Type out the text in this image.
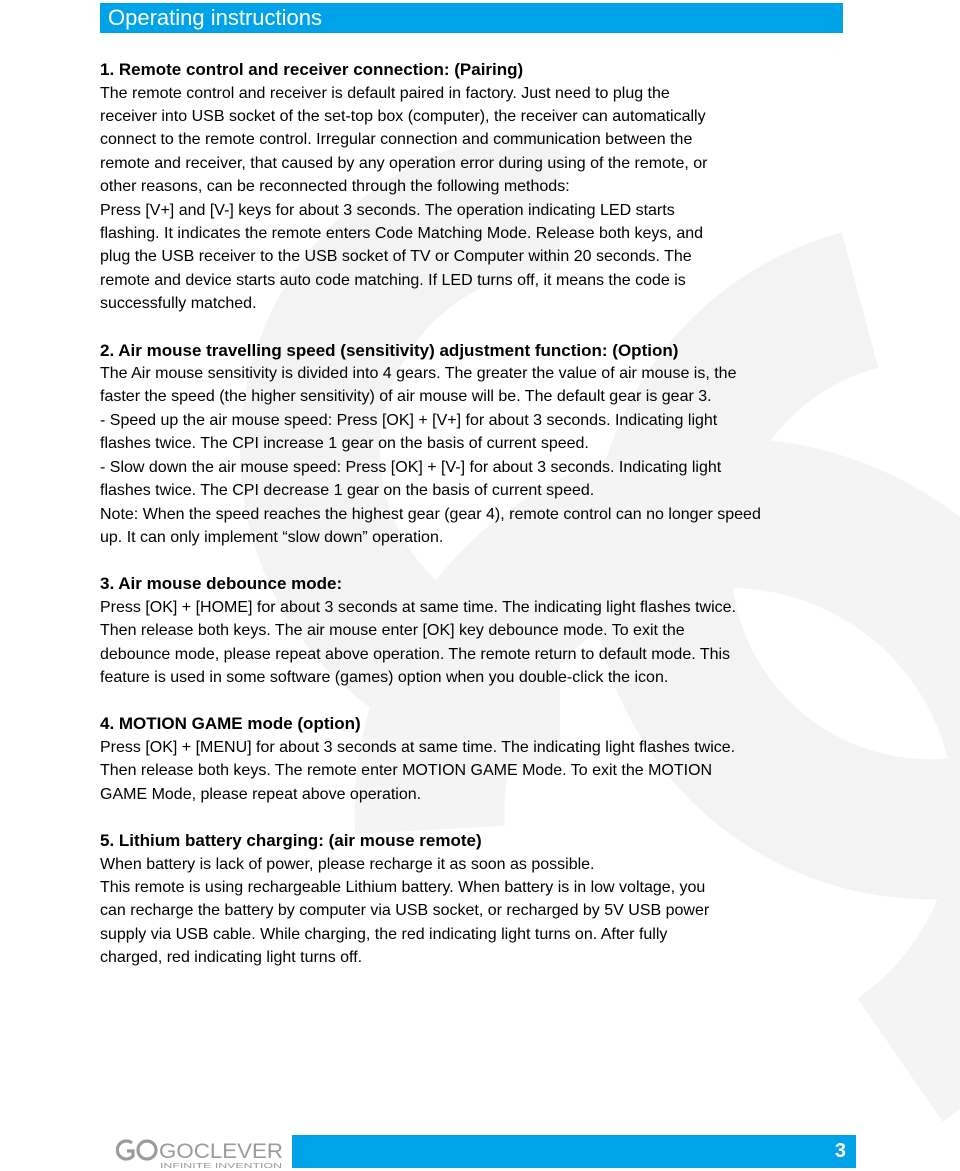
Operating instructions
1. Remote control and receiver connection: (Pairing)
The remote control and receiver is default paired in factory. Just need to plug the
receiver into USB socket of the set-top box (computer), the receiver can automatically
connect to the remote control. Irregular connection and communication between the
remote and receiver, that caused by any operation error during using of the remote, or
other reasons, can be reconnected through the following methods:
Press [V+] and [V-] keys for about 3 seconds. The operation indicating LED starts
flashing. It indicates the remote enters Code Matching Mode. Release both keys, and
plug the USB receiver to the USB socket of TV or Computer within 20 seconds. The
remote and device starts auto code matching. If LED turns off, it means the code is
successfully matched.
2. Air mouse travelling speed (sensitivity) adjustment function: (Option)
The Air mouse sensitivity is divided into 4 gears. The greater the value of air mouse is, the
faster the speed (the higher sensitivity) of air mouse will be. The default gear is gear 3.
- Speed up the air mouse speed: Press [OK] + [V+] for about 3 seconds. Indicating light
flashes twice. The CPI increase 1 gear on the basis of current speed.
- Slow down the air mouse speed: Press [OK] + [V-] for about 3 seconds. Indicating light
flashes twice. The CPI decrease 1 gear on the basis of current speed.
Note: When the speed reaches the highest gear (gear 4), remote control can no longer speed
up. It can only implement “slow down” operation.
3. Air mouse debounce mode:
Press [OK] + [HOME] for about 3 seconds at same time. The indicating light flashes twice.
Then release both keys. The air mouse enter [OK] key debounce mode. To exit the
debounce mode, please repeat above operation. The remote return to default mode. This
feature is used in some software (games) option when you double-click the icon.
4. MOTION GAME mode (option)
Press [OK] + [MENU] for about 3 seconds at same time. The indicating light flashes twice.
Then release both keys. The remote enter MOTION GAME Mode. To exit the MOTION
GAME Mode, please repeat above operation.
5. Lithium battery charging: (air mouse remote)
When battery is lack of power, please recharge it as soon as possible.
This remote is using rechargeable Lithium battery. When battery is in low voltage, you
can recharge the battery by computer via USB socket, or recharged by 5V USB power
supply via USB cable. While charging, the red indicating light turns on. After fully
charged, red indicating light turns off.
GOCLEVER
INFINITE INVENTION
3
